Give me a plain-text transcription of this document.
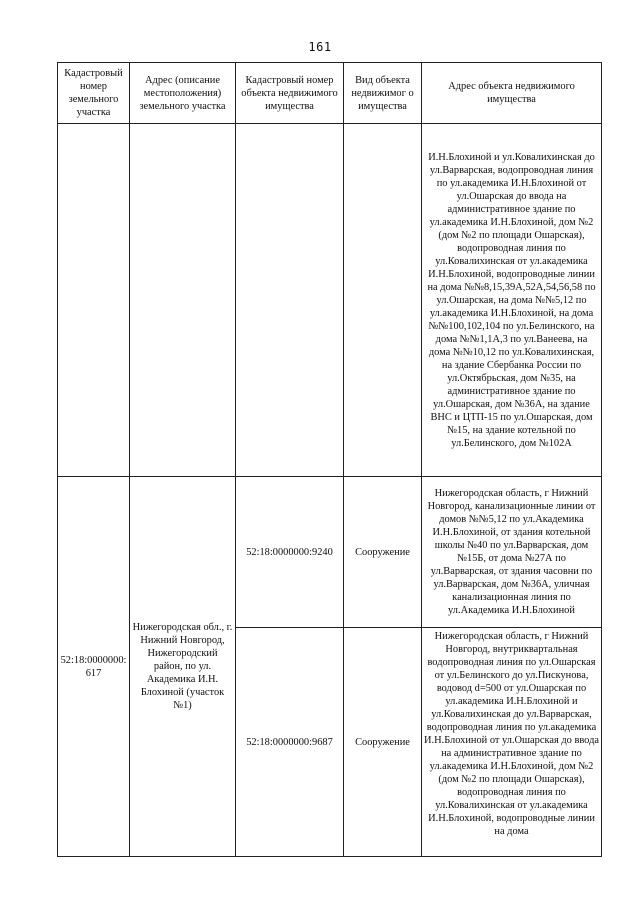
161
Кадастровый номер земельного участка	Адрес (описание местоположения) земельного участка	Кадастровый номер объекта недвижимого имущества	Вид объекта недвижимог о имущества	Адрес объекта недвижимого имущества
				И.Н.Блохиной и ул.Ковалихинская до ул.Варварская, водопроводная линия по ул.академика И.Н.Блохиной от ул.Ошарская до ввода на административное здание по ул.академика И.Н.Блохиной, дом №2 (дом №2 по площади Ошарская), водопроводная линия по ул.Ковалихинская от ул.академика И.Н.Блохиной, водопроводные линии на дома №№8,15,39А,52А,54,56,58 по ул.Ошарская, на дома №№5,12 по ул.академика И.Н.Блохиной, на дома №№100,102,104 по ул.Белинского, на дома №№1,1А,3 по ул.Ванеева, на дома №№10,12 по ул.Ковалихинская, на здание Сбербанка России по ул.Октябрьская, дом №35, на административное здание по ул.Ошарская, дом №36А, на здание ВНС и ЦТП-15 по ул.Ошарская, дом №15, на здание котельной по ул.Белинского, дом №102А
52:18:0000000:617	Нижегородская обл., г. Нижний Новгород, Нижегородский район, по ул. Академика И.Н. Блохиной (участок №1)	52:18:0000000:9240	Сооружение	Нижегородская область, г Нижний Новгород, канализационные линии от домов №№5,12 по ул.Академика И.Н.Блохиной, от здания котельной школы №40 по ул.Варварская, дом №15Б, от дома №27А по ул.Варварская, от здания часовни по ул.Варварская, дом №36А, уличная канализационная линия по ул.Академика И.Н.Блохиной
		52:18:0000000:9687	Сооружение	Нижегородская область, г Нижний Новгород, внутриквартальная водопроводная линия по ул.Ошарская от ул.Белинского до ул.Пискунова, водовод d=500 от ул.Ошарская по ул.академика И.Н.Блохиной и ул.Ковалихинская до ул.Варварская, водопроводная линия по ул.академика И.Н.Блохиной от ул.Ошарская до ввода на административное здание по ул.академика И.Н.Блохиной, дом №2 (дом №2 по площади Ошарская), водопроводная линия по ул.Ковалихинская от ул.академика И.Н.Блохиной, водопроводные линии на дома
